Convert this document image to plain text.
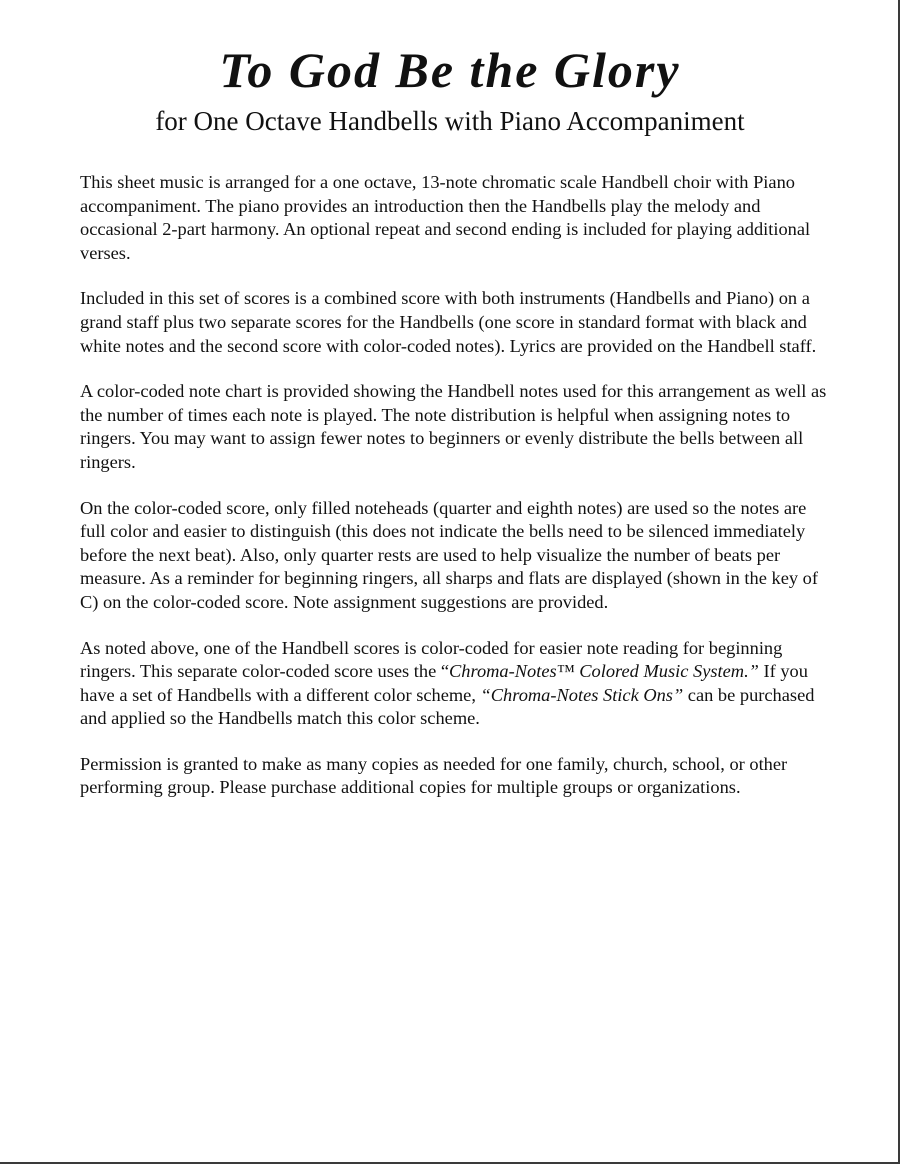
To God Be the Glory
for One Octave Handbells with Piano Accompaniment

This sheet music is arranged for a one octave, 13-note chromatic scale Handbell choir with Piano accompaniment. The piano provides an introduction then the Handbells play the melody and occasional 2-part harmony. An optional repeat and second ending is included for playing additional verses.

Included in this set of scores is a combined score with both instruments (Handbells and Piano) on a grand staff plus two separate scores for the Handbells (one score in standard format with black and white notes and the second score with color-coded notes). Lyrics are provided on the Handbell staff.

A color-coded note chart is provided showing the Handbell notes used for this arrangement as well as the number of times each note is played. The note distribution is helpful when assigning notes to ringers. You may want to assign fewer notes to beginners or evenly distribute the bells between all ringers.

On the color-coded score, only filled noteheads (quarter and eighth notes) are used so the notes are full color and easier to distinguish (this does not indicate the bells need to be silenced immediately before the next beat). Also, only quarter rests are used to help visualize the number of beats per measure. As a reminder for beginning ringers, all sharps and flats are displayed (shown in the key of C) on the color-coded score. Note assignment suggestions are provided.

As noted above, one of the Handbell scores is color-coded for easier note reading for beginning ringers. This separate color-coded score uses the “Chroma-Notes™ Colored Music System.” If you have a set of Handbells with a different color scheme, “Chroma-Notes Stick Ons” can be purchased and applied so the Handbells match this color scheme.

Permission is granted to make as many copies as needed for one family, church, school, or other performing group. Please purchase additional copies for multiple groups or organizations.
